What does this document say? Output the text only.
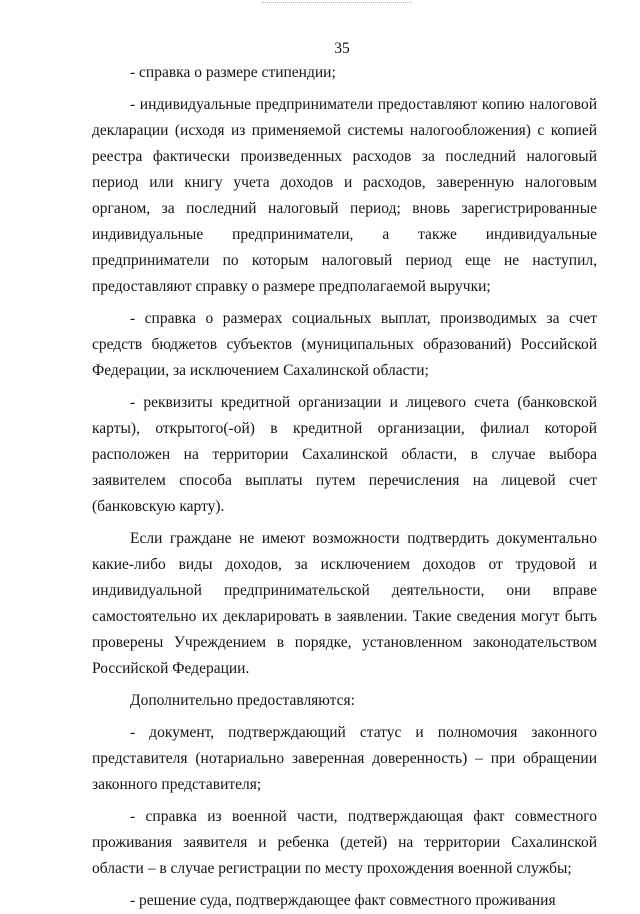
35

- справка о размере стипендии;

- индивидуальные предприниматели предоставляют копию налоговой декларации (исходя из применяемой системы налогообложения) с копией реестра фактически произведенных расходов за последний налоговый период или книгу учета доходов и расходов, заверенную налоговым органом, за последний налоговый период; вновь зарегистрированные индивидуальные предприниматели, а также индивидуальные предприниматели по которым налоговый период еще не наступил, предоставляют справку о размере предполагаемой выручки;

- справка о размерах социальных выплат, производимых за счет средств бюджетов субъектов (муниципальных образований) Российской Федерации, за исключением Сахалинской области;

- реквизиты кредитной организации и лицевого счета (банковской карты), открытого(-ой) в кредитной организации, филиал которой расположен на территории Сахалинской области, в случае выбора заявителем способа выплаты путем перечисления на лицевой счет (банковскую карту).

Если граждане не имеют возможности подтвердить документально какие-либо виды доходов, за исключением доходов от трудовой и индивидуальной предпринимательской деятельности, они вправе самостоятельно их декларировать в заявлении. Такие сведения могут быть проверены Учреждением в порядке, установленном законодательством Российской Федерации.

Дополнительно предоставляются:

- документ, подтверждающий статус и полномочия законного представителя (нотариально заверенная доверенность) – при обращении законного представителя;

- справка из военной части, подтверждающая факт совместного проживания заявителя и ребенка (детей) на территории Сахалинской области – в случае регистрации по месту прохождения военной службы;

- решение суда, подтверждающее факт совместного проживания
